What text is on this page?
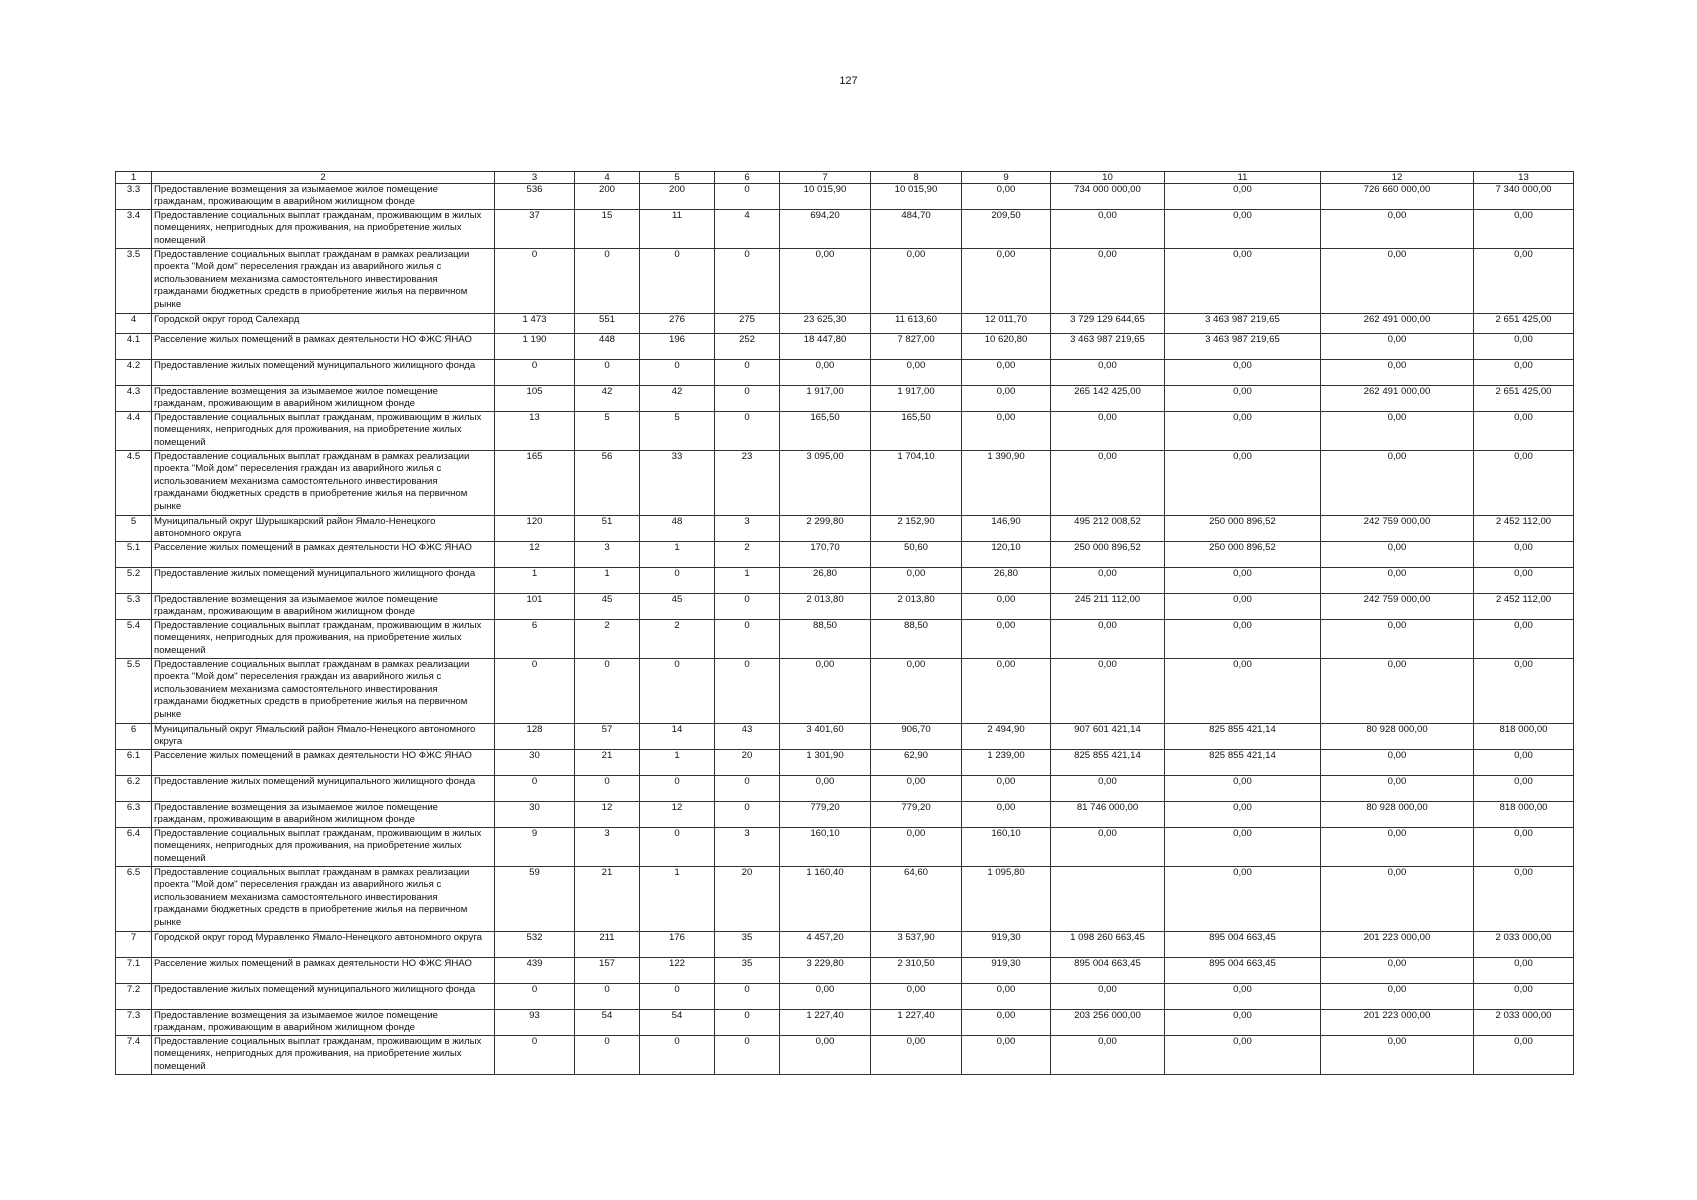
127
1	2	3	4	5	6	7	8	9	10	11	12	13
3.3	Предоставление возмещения за изымаемое жилое помещение гражданам, проживающим в аварийном жилищном фонде	536	200	200	0	10 015,90	10 015,90	0,00	734 000 000,00	0,00	726 660 000,00	7 340 000,00
3.4	Предоставление социальных выплат гражданам, проживающим в жилых помещениях, непригодных для проживания, на приобретение жилых помещений	37	15	11	4	694,20	484,70	209,50	0,00	0,00	0,00	0,00
3.5	Предоставление социальных выплат гражданам в рамках реализации проекта "Мой дом" переселения граждан из аварийного жилья с использованием механизма самостоятельного инвестирования гражданами бюджетных средств в приобретение жилья на первичном рынке	0	0	0	0	0,00	0,00	0,00	0,00	0,00	0,00	0,00
4	Городской округ город Салехард	1 473	551	276	275	23 625,30	11 613,60	12 011,70	3 729 129 644,65	3 463 987 219,65	262 491 000,00	2 651 425,00
4.1	Расселение жилых помещений в рамках деятельности НО ФЖС ЯНАО	1 190	448	196	252	18 447,80	7 827,00	10 620,80	3 463 987 219,65	3 463 987 219,65	0,00	0,00
4.2	Предоставление жилых помещений муниципального жилищного фонда	0	0	0	0	0,00	0,00	0,00	0,00	0,00	0,00	0,00
4.3	Предоставление возмещения за изымаемое жилое помещение гражданам, проживающим в аварийном жилищном фонде	105	42	42	0	1 917,00	1 917,00	0,00	265 142 425,00	0,00	262 491 000,00	2 651 425,00
4.4	Предоставление социальных выплат гражданам, проживающим в жилых помещениях, непригодных для проживания, на приобретение жилых помещений	13	5	5	0	165,50	165,50	0,00	0,00	0,00	0,00	0,00
4.5	Предоставление социальных выплат гражданам в рамках реализации проекта "Мой дом" переселения граждан из аварийного жилья с использованием механизма самостоятельного инвестирования гражданами бюджетных средств в приобретение жилья на первичном рынке	165	56	33	23	3 095,00	1 704,10	1 390,90	0,00	0,00	0,00	0,00
5	Муниципальный округ Шурышкарский район Ямало-Ненецкого автономного округа	120	51	48	3	2 299,80	2 152,90	146,90	495 212 008,52	250 000 896,52	242 759 000,00	2 452 112,00
5.1	Расселение жилых помещений в рамках деятельности НО ФЖС ЯНАО	12	3	1	2	170,70	50,60	120,10	250 000 896,52	250 000 896,52	0,00	0,00
5.2	Предоставление жилых помещений муниципального жилищного фонда	1	1	0	1	26,80	0,00	26,80	0,00	0,00	0,00	0,00
5.3	Предоставление возмещения за изымаемое жилое помещение гражданам, проживающим в аварийном жилищном фонде	101	45	45	0	2 013,80	2 013,80	0,00	245 211 112,00	0,00	242 759 000,00	2 452 112,00
5.4	Предоставление социальных выплат гражданам, проживающим в жилых помещениях, непригодных для проживания, на приобретение жилых помещений	6	2	2	0	88,50	88,50	0,00	0,00	0,00	0,00	0,00
5.5	Предоставление социальных выплат гражданам в рамках реализации проекта "Мой дом" переселения граждан из аварийного жилья с использованием механизма самостоятельного инвестирования гражданами бюджетных средств в приобретение жилья на первичном рынке	0	0	0	0	0,00	0,00	0,00	0,00	0,00	0,00	0,00
6	Муниципальный округ Ямальский район Ямало-Ненецкого автономного округа	128	57	14	43	3 401,60	906,70	2 494,90	907 601 421,14	825 855 421,14	80 928 000,00	818 000,00
6.1	Расселение жилых помещений в рамках деятельности НО ФЖС ЯНАО	30	21	1	20	1 301,90	62,90	1 239,00	825 855 421,14	825 855 421,14	0,00	0,00
6.2	Предоставление жилых помещений муниципального жилищного фонда	0	0	0	0	0,00	0,00	0,00	0,00	0,00	0,00	0,00
6.3	Предоставление возмещения за изымаемое жилое помещение гражданам, проживающим в аварийном жилищном фонде	30	12	12	0	779,20	779,20	0,00	81 746 000,00	0,00	80 928 000,00	818 000,00
6.4	Предоставление социальных выплат гражданам, проживающим в жилых помещениях, непригодных для проживания, на приобретение жилых помещений	9	3	0	3	160,10	0,00	160,10	0,00	0,00	0,00	0,00
6.5	Предоставление социальных выплат гражданам в рамках реализации проекта "Мой дом" переселения граждан из аварийного жилья с использованием механизма самостоятельного инвестирования гражданами бюджетных средств в приобретение жилья на первичном рынке	59	21	1	20	1 160,40	64,60	1 095,80		0,00	0,00	0,00
7	Городской округ город Муравленко Ямало-Ненецкого автономного округа	532	211	176	35	4 457,20	3 537,90	919,30	1 098 260 663,45	895 004 663,45	201 223 000,00	2 033 000,00
7.1	Расселение жилых помещений в рамках деятельности НО ФЖС ЯНАО	439	157	122	35	3 229,80	2 310,50	919,30	895 004 663,45	895 004 663,45	0,00	0,00
7.2	Предоставление жилых помещений муниципального жилищного фонда	0	0	0	0	0,00	0,00	0,00	0,00	0,00	0,00	0,00
7.3	Предоставление возмещения за изымаемое жилое помещение гражданам, проживающим в аварийном жилищном фонде	93	54	54	0	1 227,40	1 227,40	0,00	203 256 000,00	0,00	201 223 000,00	2 033 000,00
7.4	Предоставление социальных выплат гражданам, проживающим в жилых помещениях, непригодных для проживания, на приобретение жилых помещений	0	0	0	0	0,00	0,00	0,00	0,00	0,00	0,00	0,00
